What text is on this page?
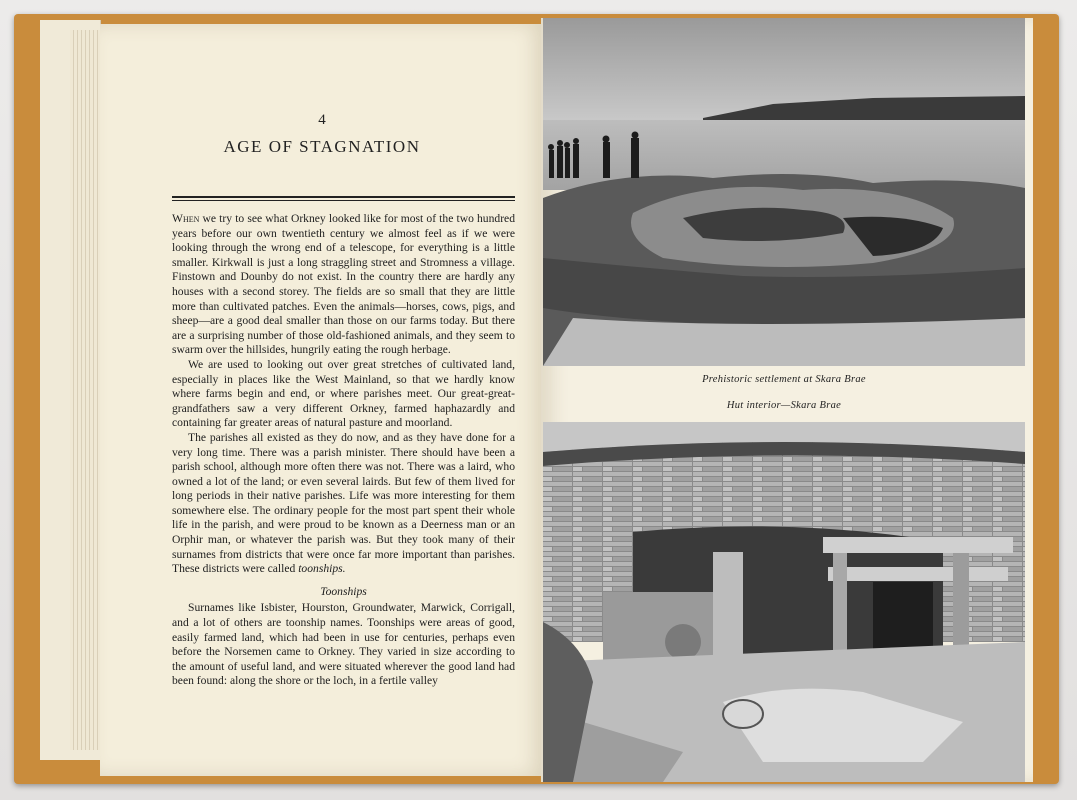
4
AGE OF STAGNATION

When we try to see what Orkney looked like for most of the two hundred years before our own twentieth century we almost feel as if we were looking through the wrong end of a telescope, for everything is a little smaller. Kirkwall is just a long straggling street and Stromness a village. Finstown and Dounby do not exist. In the country there are hardly any houses with a second storey. The fields are so small that they are little more than cultivated patches. Even the animals—horses, cows, pigs, and sheep—are a good deal smaller than those on our farms today. But there are a surprising number of those old-fashioned animals, and they seem to swarm over the hillsides, hungrily eating the rough herbage.

We are used to looking out over great stretches of cultivated land, especially in places like the West Mainland, so that we hardly know where farms begin and end, or where parishes meet. Our great-great-grandfathers saw a very different Orkney, farmed haphazardly and containing far greater areas of natural pasture and moorland.

The parishes all existed as they do now, and as they have done for a very long time. There was a parish minister. There should have been a parish school, although more often there was not. There was a laird, who owned a lot of the land; or even several lairds. But few of them lived for long periods in their native parishes. Life was more interesting for them somewhere else. The ordinary people for the most part spent their whole life in the parish, and were proud to be known as a Deerness man or an Orphir man, or whatever the parish was. But they took many of their surnames from districts that were once far more important than parishes. These districts were called toonships.

Toonships

Surnames like Isbister, Hourston, Groundwater, Marwick, Corrigall, and a lot of others are toonship names. Toonships were areas of good, easily farmed land, which had been in use for centuries, perhaps even before the Norsemen came to Orkney. They varied in size according to the amount of useful land, and were situated wherever the good land had been found: along the shore or the loch, in a fertile valley

Prehistoric settlement at Skara Brae
Hut interior—Skara Brae
